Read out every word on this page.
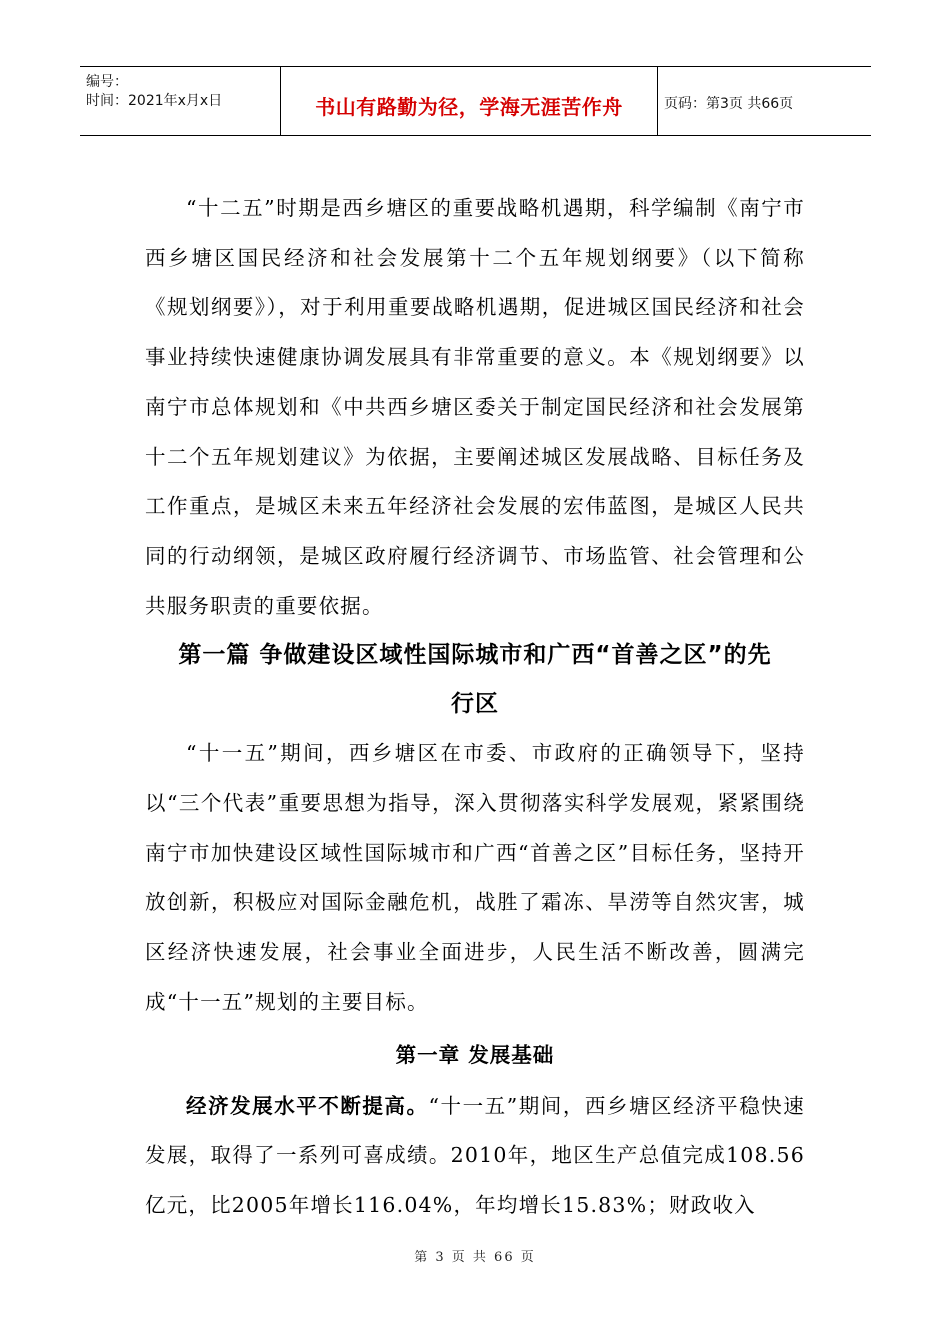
编号：
时间：2021年x月x日	书山有路勤为径，学海无涯苦作舟	页码：第3页 共66页

“十二五”时期是西乡塘区的重要战略机遇期，科学编制《南宁市西乡塘区国民经济和社会发展第十二个五年规划纲要》（以下简称《规划纲要》），对于利用重要战略机遇期，促进城区国民经济和社会事业持续快速健康协调发展具有非常重要的意义。本《规划纲要》以南宁市总体规划和《中共西乡塘区委关于制定国民经济和社会发展第十二个五年规划建议》为依据，主要阐述城区发展战略、目标任务及工作重点，是城区未来五年经济社会发展的宏伟蓝图，是城区人民共同的行动纲领，是城区政府履行经济调节、市场监管、社会管理和公共服务职责的重要依据。

第一篇 争做建设区域性国际城市和广西“首善之区”的先
行区

“十一五”期间，西乡塘区在市委、市政府的正确领导下，坚持以“三个代表”重要思想为指导，深入贯彻落实科学发展观，紧紧围绕南宁市加快建设区域性国际城市和广西“首善之区”目标任务，坚持开放创新，积极应对国际金融危机，战胜了霜冻、旱涝等自然灾害，城区经济快速发展，社会事业全面进步，人民生活不断改善，圆满完成“十一五”规划的主要目标。

第一章 发展基础

经济发展水平不断提高。“十一五”期间，西乡塘区经济平稳快速发展，取得了一系列可喜成绩。2010年，地区生产总值完成108.56亿元，比2005年增长116.04%，年均增长15.83%；财政收入

第 3 页 共 66 页
